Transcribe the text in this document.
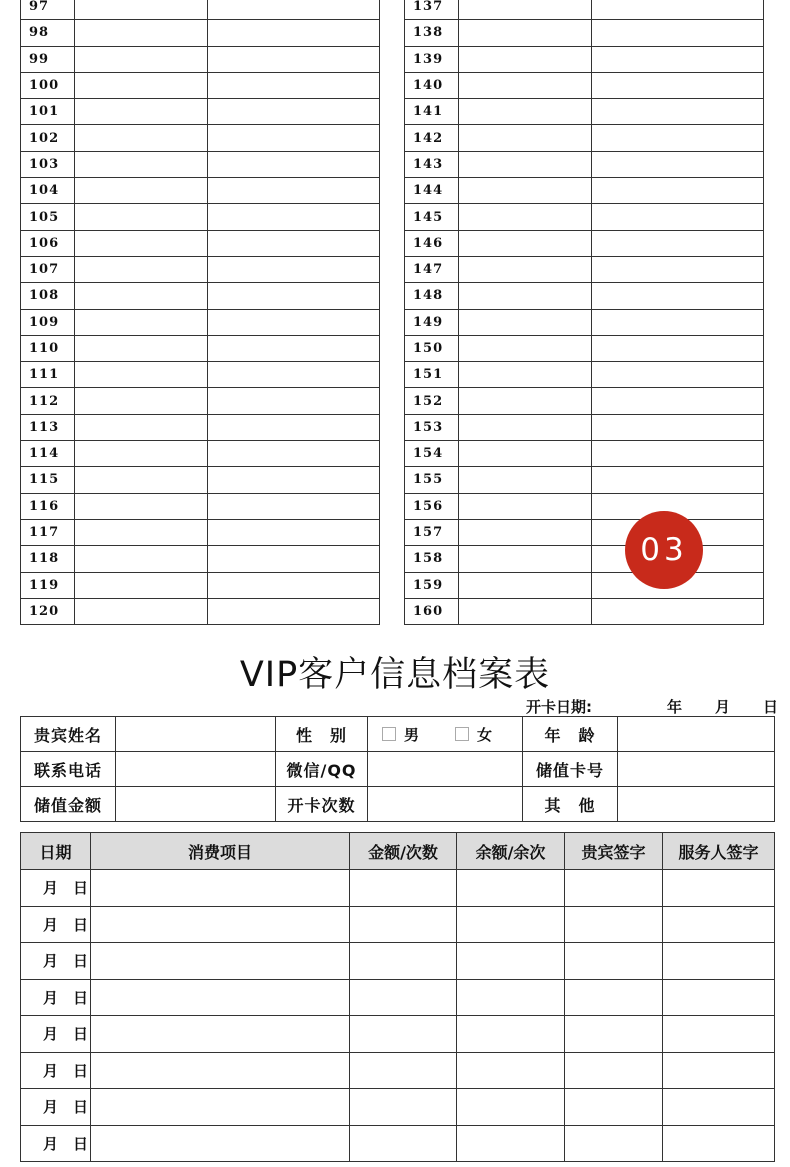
97		
98		
99		
100		
101		
102		
103		
104		
105		
106		
107		
108		
109		
110		
111		
112		
113		
114		
115		
116		
117		
118		
119		
120		
137		
138		
139		
140		
141		
142		
143		
144		
145		
146		
147		
148		
149		
150		
151		
152		
153		
154		
155		
156		
157		
158		
159		
160		
03
VIP客户信息档案表
开卡日期:	年 月 日
贵宾姓名		性　别	男 女	年　龄	
联系电话		微信/QQ		储值卡号	
储值金额		开卡次数		其　他	
日期	消费项目	金额/次数	余额/余次	贵宾签字	服务人签字

月 日					

月 日					

月 日					

月 日					

月 日					

月 日					

月 日					

月 日					
